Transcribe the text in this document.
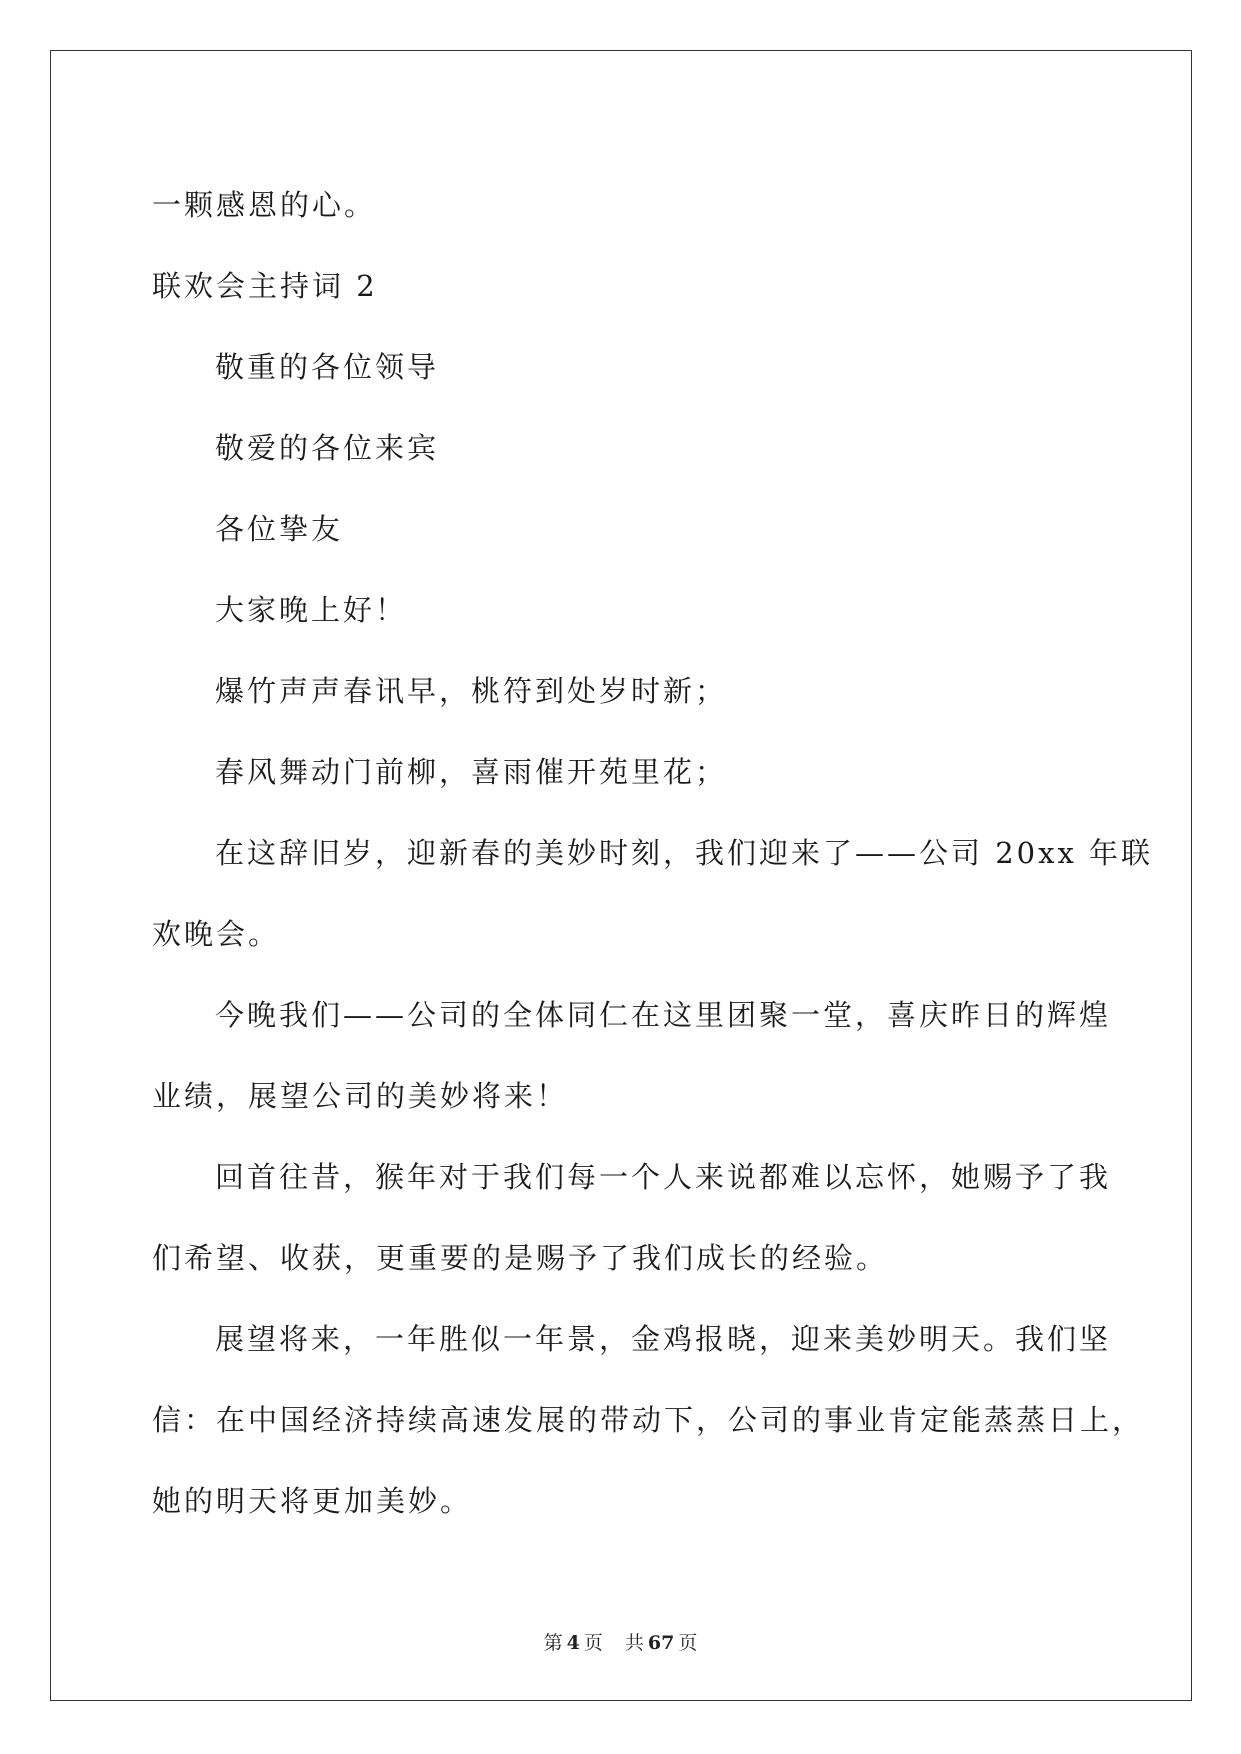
一颗感恩的心。
联欢会主持词 2
敬重的各位领导
敬爱的各位来宾
各位挚友
大家晚上好！
爆竹声声春讯早，桃符到处岁时新；
春风舞动门前柳，喜雨催开苑里花；
在这辞旧岁，迎新春的美妙时刻，我们迎来了——公司 20xx 年联
欢晚会。
今晚我们——公司的全体同仁在这里团聚一堂，喜庆昨日的辉煌
业绩，展望公司的美妙将来！
回首往昔，猴年对于我们每一个人来说都难以忘怀，她赐予了我
们希望、收获，更重要的是赐予了我们成长的经验。
展望将来，一年胜似一年景，金鸡报晓，迎来美妙明天。我们坚
信：在中国经济持续高速发展的带动下，公司的事业肯定能蒸蒸日上，
她的明天将更加美妙。
第 4 页 共 67 页
